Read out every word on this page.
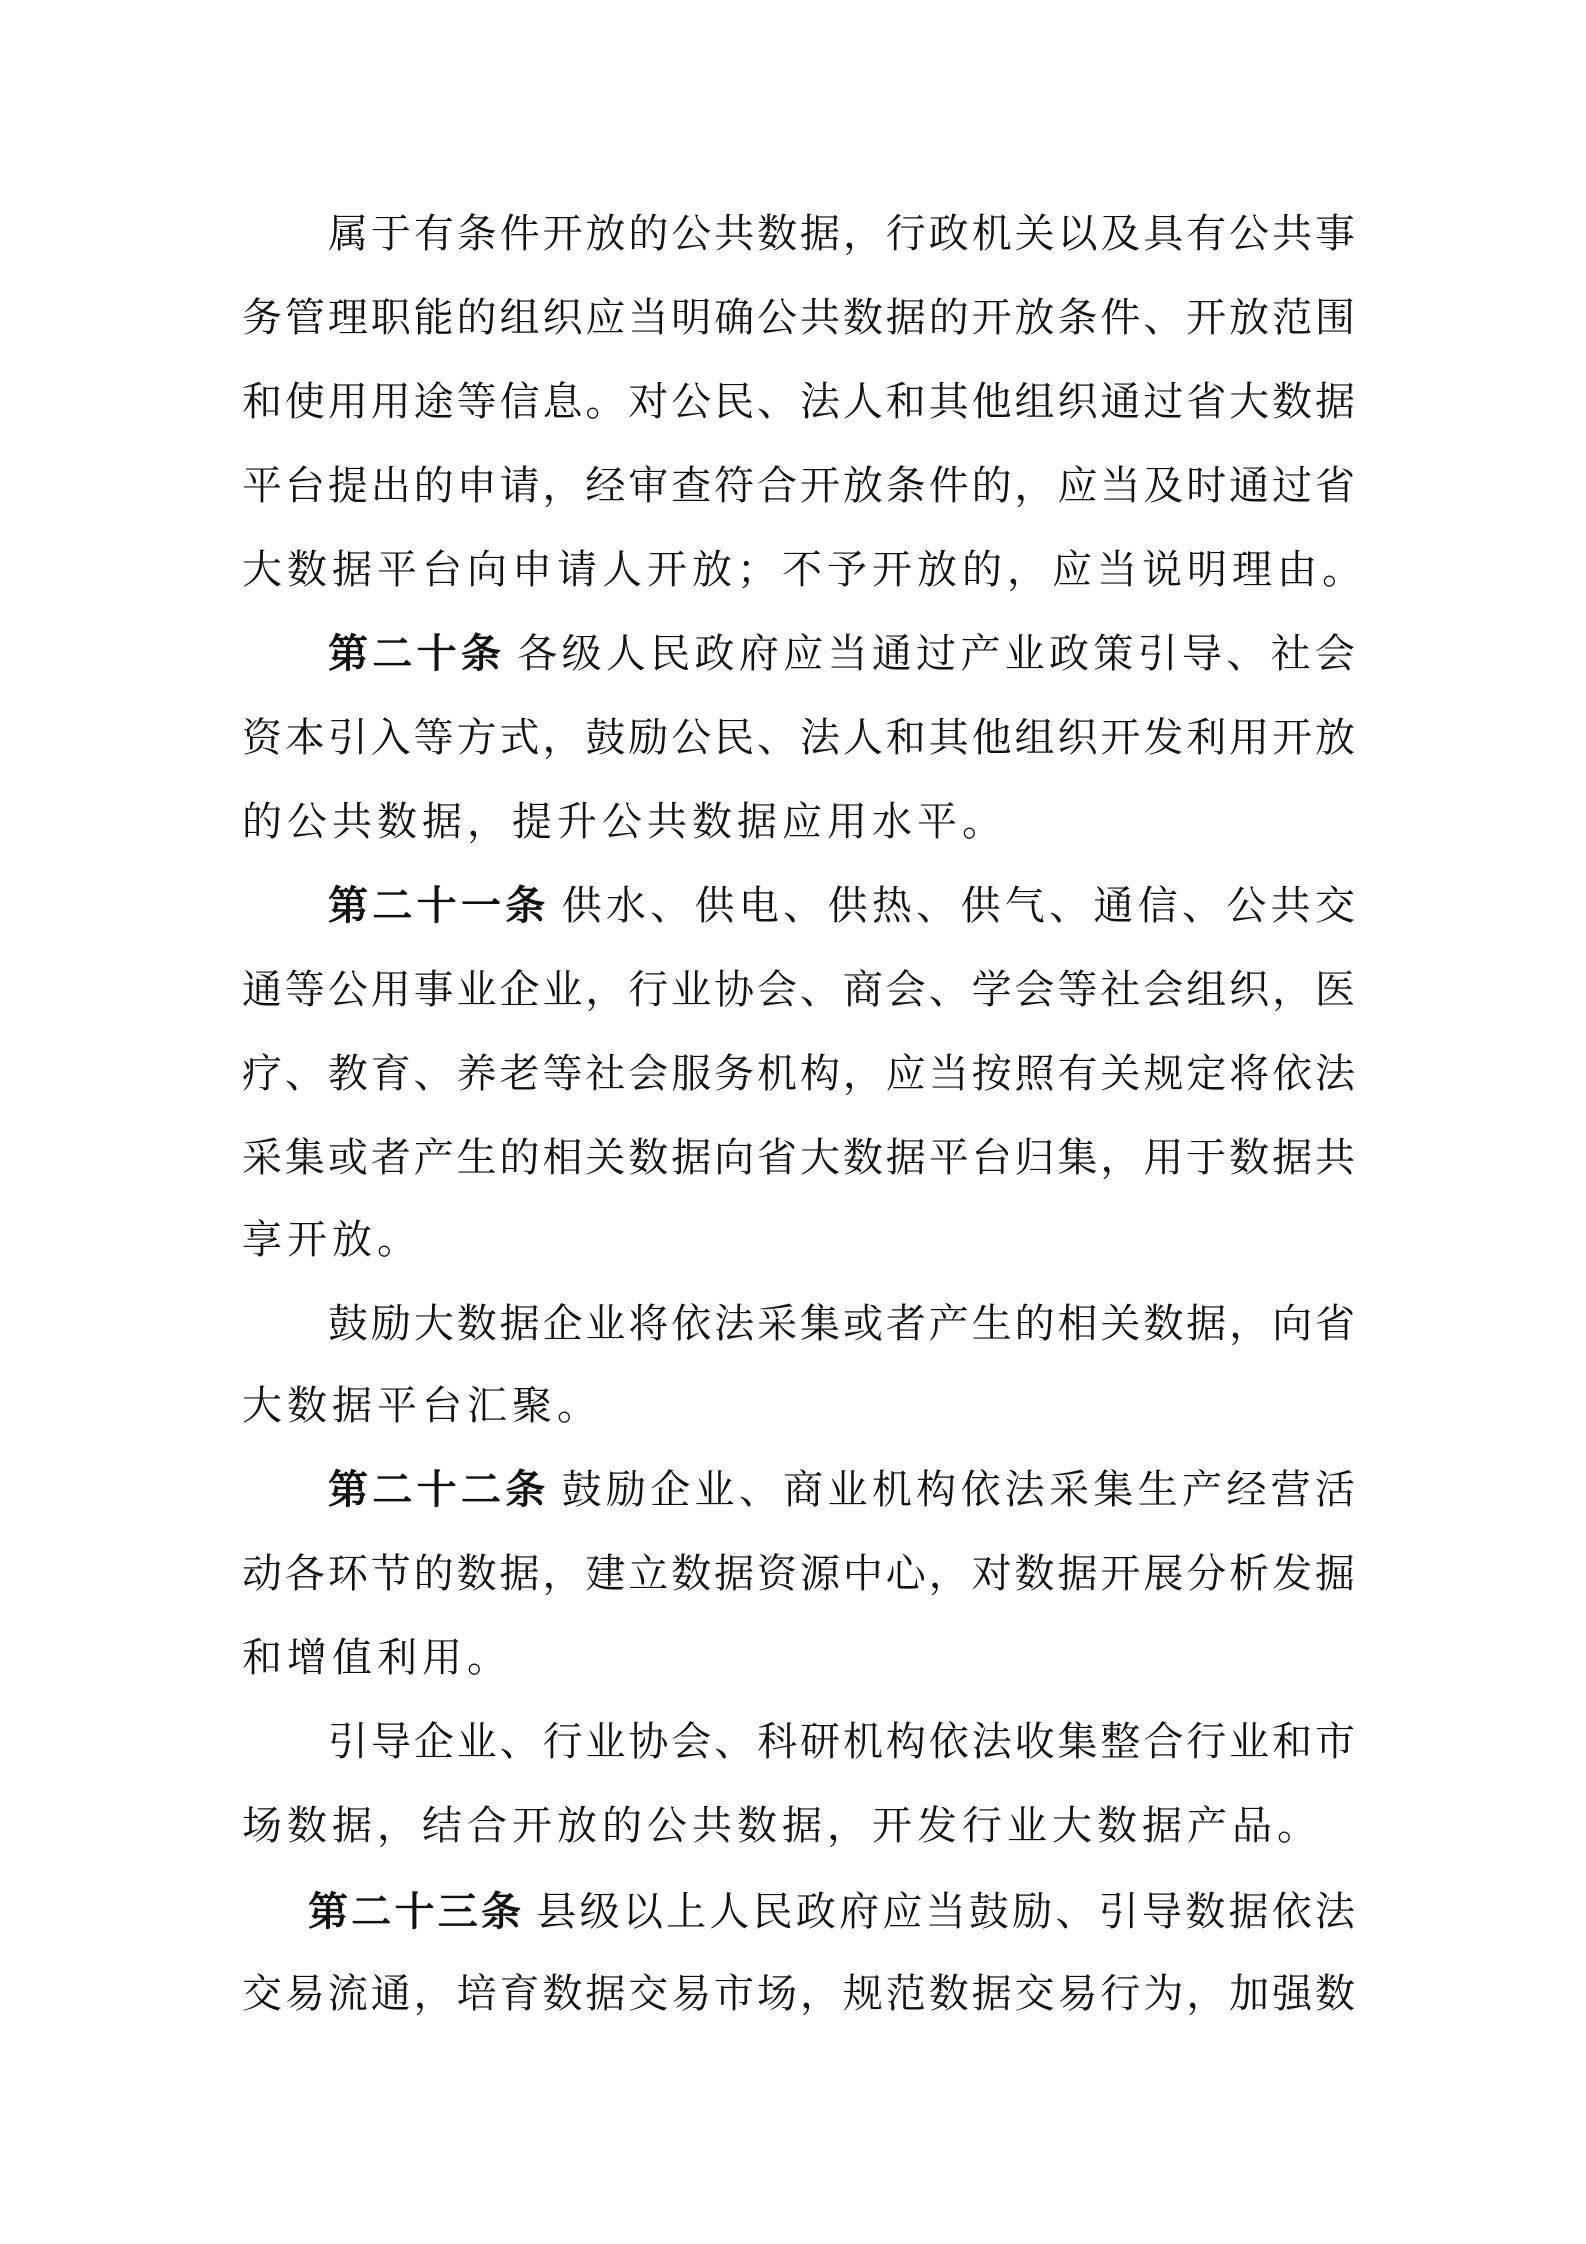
属于有条件开放的公共数据，行政机关以及具有公共事
务管理职能的组织应当明确公共数据的开放条件、开放范围
和使用用途等信息。对公民、法人和其他组织通过省大数据
平台提出的申请，经审查符合开放条件的，应当及时通过省
大数据平台向申请人开放；不予开放的，应当说明理由。
第二十条 各级人民政府应当通过产业政策引导、社会
资本引入等方式，鼓励公民、法人和其他组织开发利用开放
的公共数据，提升公共数据应用水平。
第二十一条 供水、供电、供热、供气、通信、公共交
通等公用事业企业，行业协会、商会、学会等社会组织，医
疗、教育、养老等社会服务机构，应当按照有关规定将依法
采集或者产生的相关数据向省大数据平台归集，用于数据共
享开放。
鼓励大数据企业将依法采集或者产生的相关数据，向省
大数据平台汇聚。
第二十二条 鼓励企业、商业机构依法采集生产经营活
动各环节的数据，建立数据资源中心，对数据开展分析发掘
和增值利用。
引导企业、行业协会、科研机构依法收集整合行业和市
场数据，结合开放的公共数据，开发行业大数据产品。
第二十三条 县级以上人民政府应当鼓励、引导数据依法
交易流通，培育数据交易市场，规范数据交易行为，加强数
